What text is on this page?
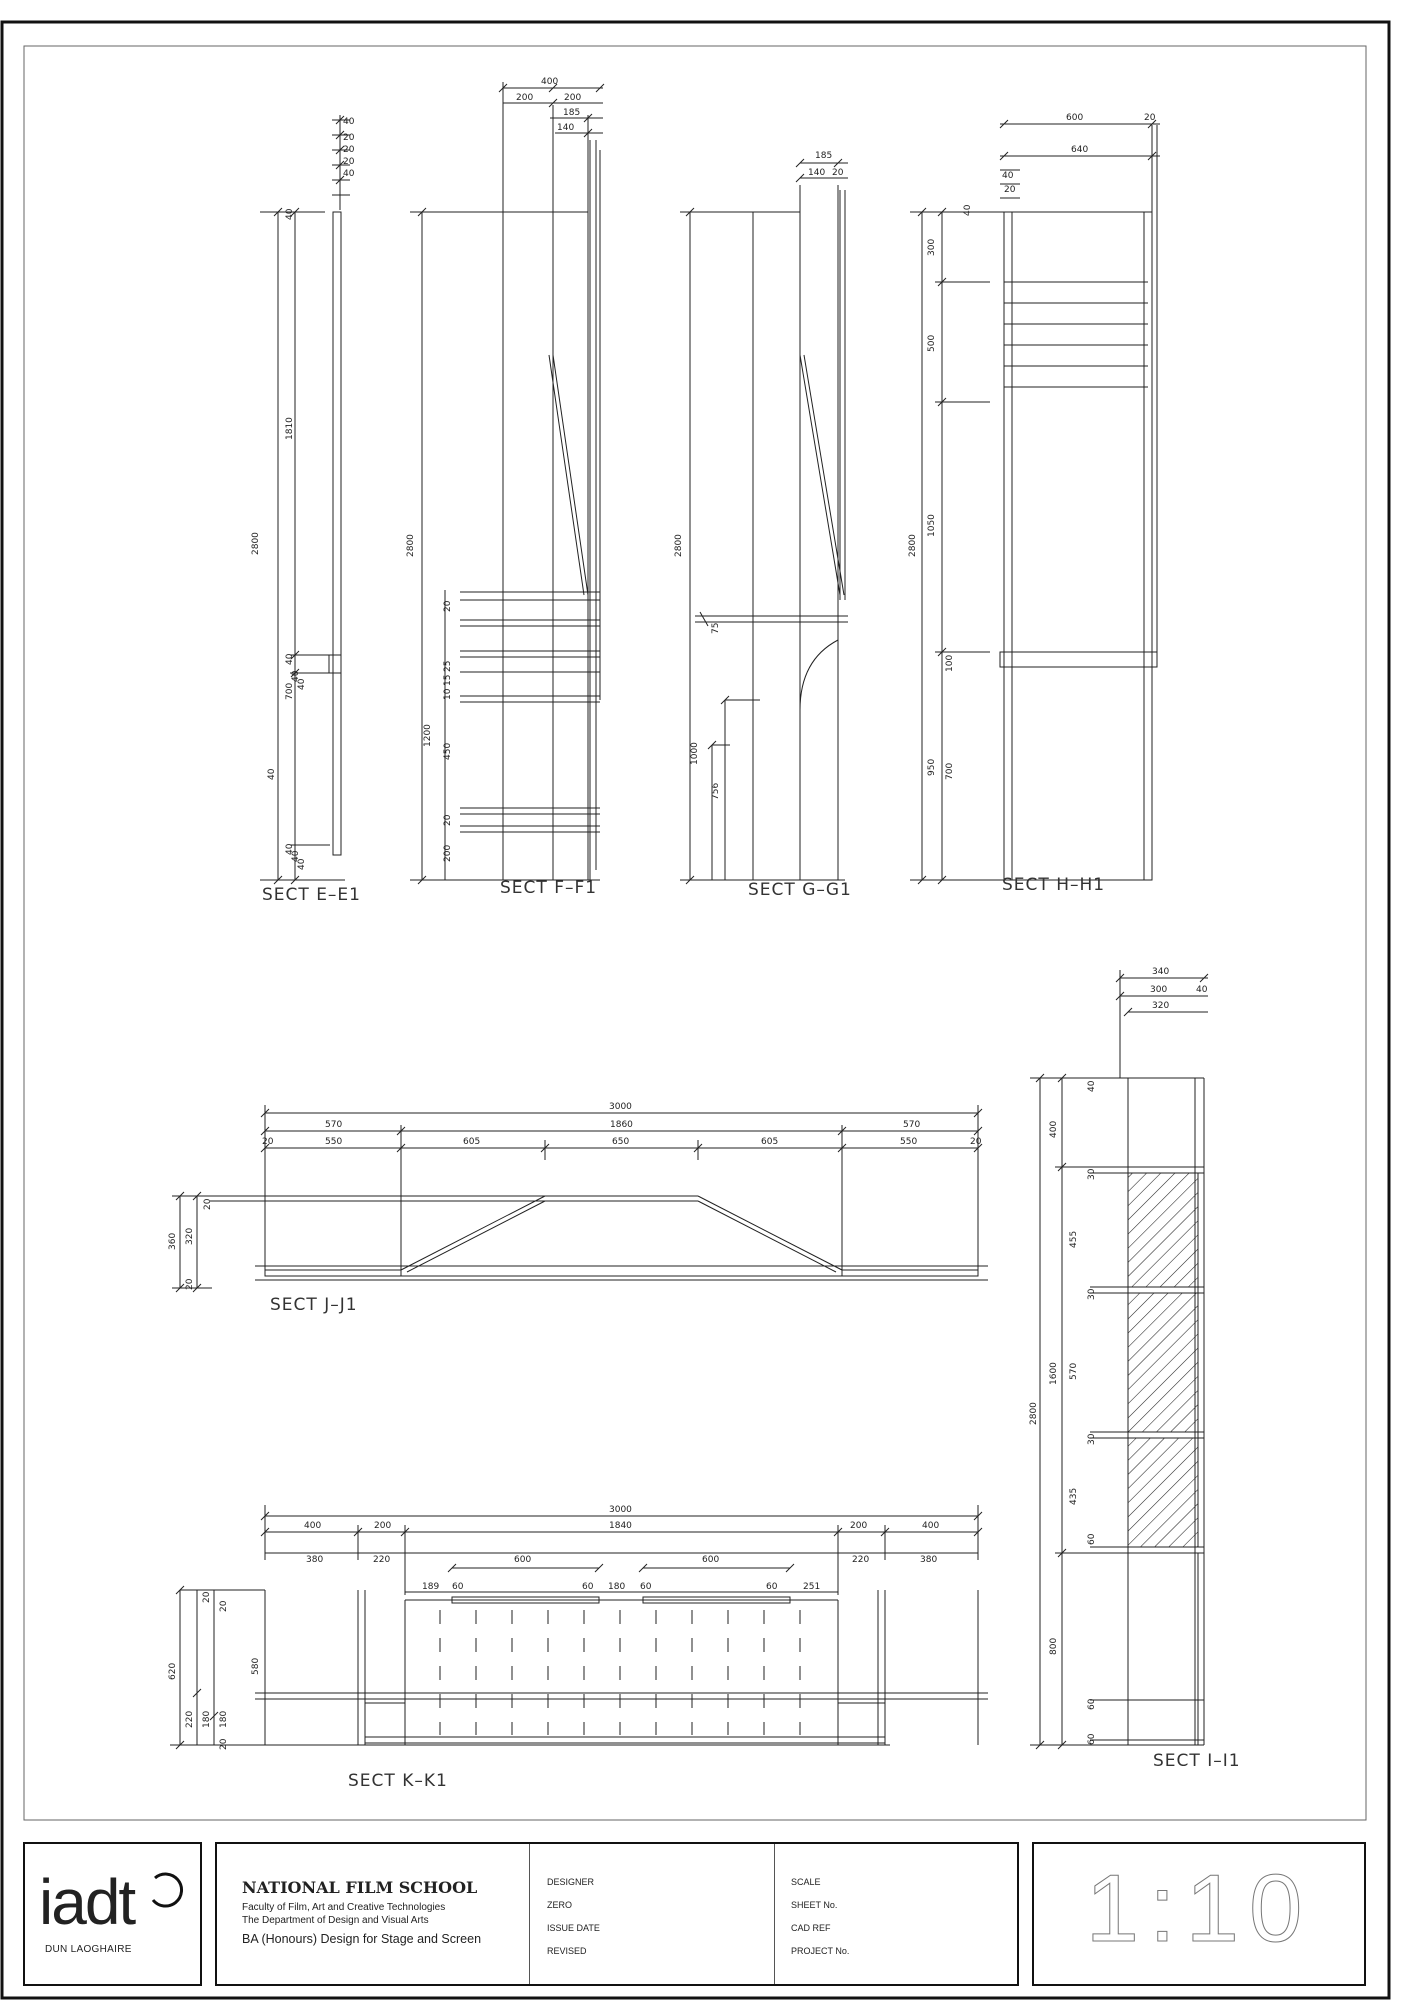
40
20
20
20
40
1810
2800
40
40
40
40
700
40
40
40
40
SECT E–E1
400
200	200
185
140
2800
1200
450
200
10
15
25
20
20
SECT F–F1
185
140 20
2800
1000
756
75
SECT G–G1
600	20
640
40
20
40
300
500
1050
2800
950 700
100
SECT H–H1
3000
570	1860	570
20	550	605	650	605	550	20
360 320
20
20
SECT J–J1
3000
400	200	1840	200	400
380	220	600	600	220	380
189 60	60 180 60	60	251
620	580
220 180 180
20
20
20
SECT K–K1
340
300	40
320
400
40
455
30
1600 570
30
2800
435
30
60
800
60
60
SECT I–I1
iadt
DUN LAOGHAIRE
NATIONAL FILM SCHOOL
Faculty of Film, Art and Creative Technologies
The Department of Design and Visual Arts
BA (Honours) Design for Stage and Screen
DESIGNER
ZERO
ISSUE DATE
REVISED
SCALE
SHEET No.
CAD REF
PROJECT No.	1:10
